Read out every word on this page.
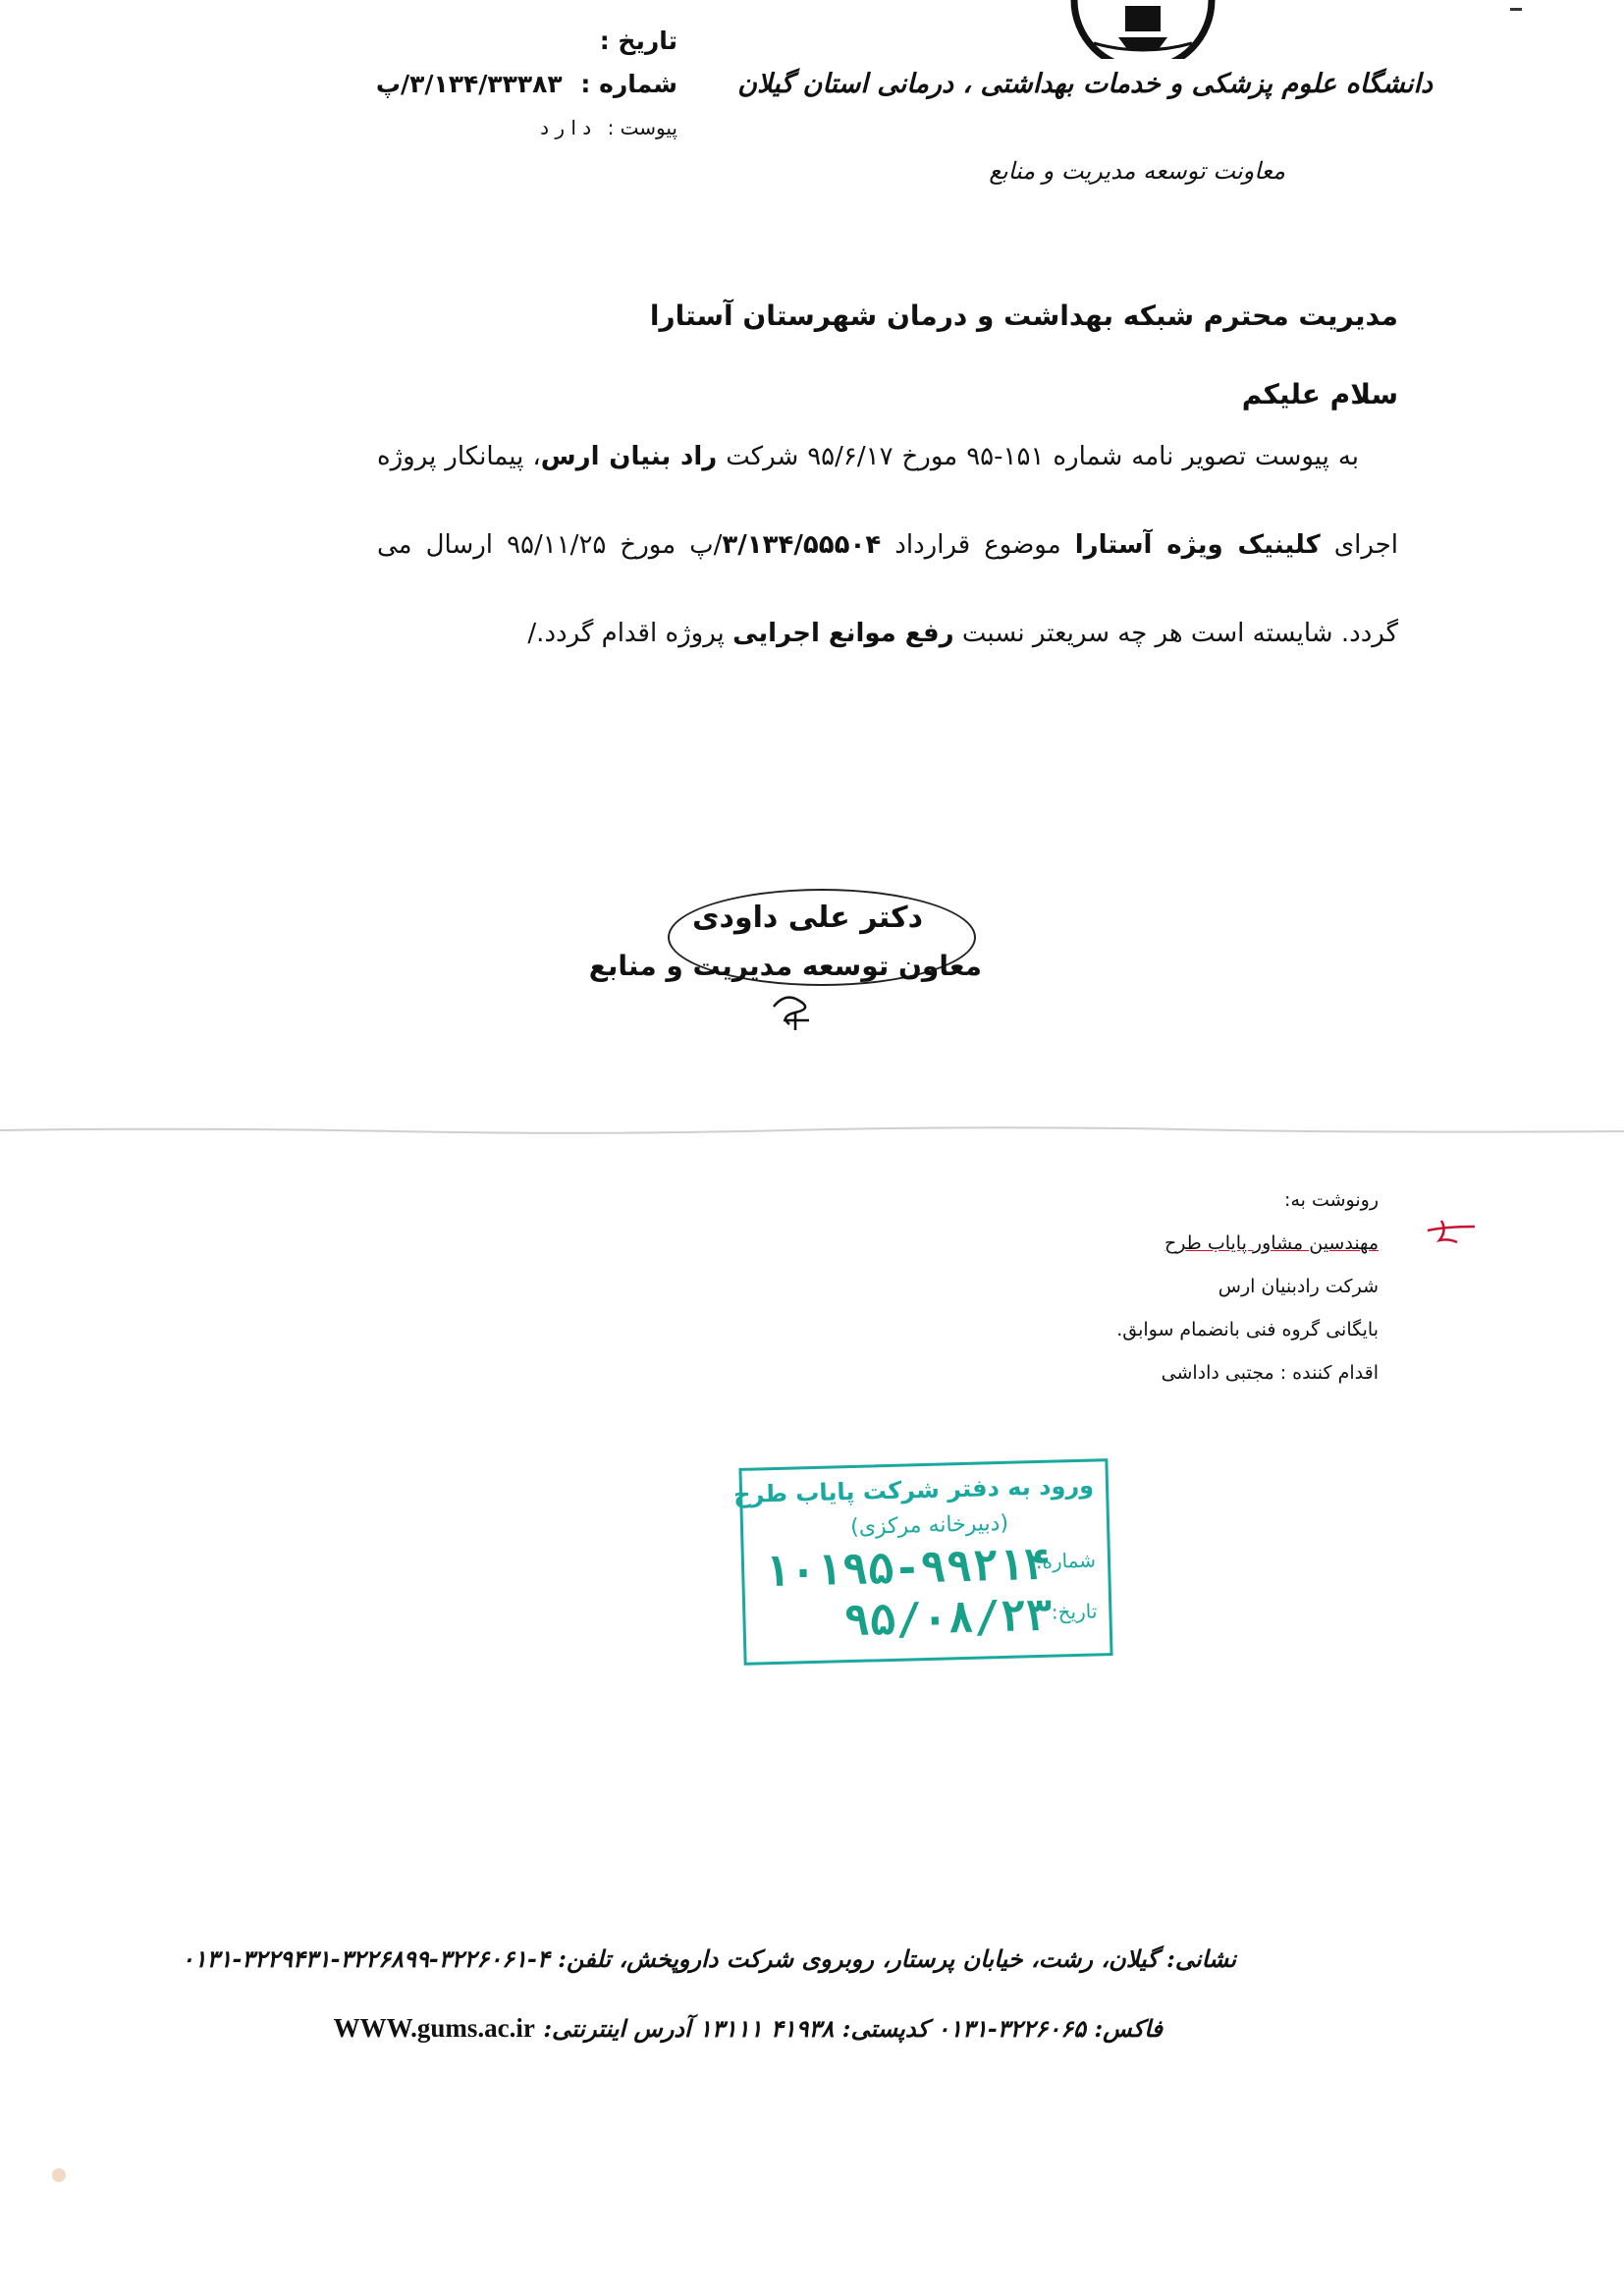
تاریخ :
شماره : ۳/۱۳۴/۳۳۳۸۳/پ
پیوست : د ا ر د
دانشگاه علوم پزشکی و خدمات بهداشتی ، درمانی استان گیلان
معاونت توسعه مدیریت و منابع
مدیریت محترم شبکه بهداشت و درمان شهرستان آستارا
سلام علیکم
به پیوست تصویر نامه شماره ۱۵۱-۹۵ مورخ ۹۵/۶/۱۷ شرکت راد بنیان ارس، پیمانکار پروژه اجرای کلینیک ویژه آستارا موضوع قرارداد ۳/۱۳۴/۵۵۵۰۴/پ مورخ ۹۵/۱۱/۲۵ ارسال می گردد. شایسته است هر چه سریعتر نسبت رفع موانع اجرایی پروژه اقدام گردد./
دکتر علی داودی
معاون توسعه مدیریت و منابع
رونوشت به:
مهندسین مشاور پایاب طرح
شرکت رادبنیان ارس
بایگانی گروه فنی بانضمام سوابق.
اقدام کننده : مجتبی داداشی
ورود به دفتر شرکت پایاب طرح
(دبیرخانه مرکزی)
شماره:
تاریخ:
۱۰۱۹۵-۹۹۲۱۴
۹۵/۰۸/۲۳
نشانی: گیلان، رشت، خیابان پرستار، روبروی شرکت داروپخش، تلفن: ۴-۳۲۲۶۰۶۱-۳۲۲۶۸۹۹-۳۲۲۹۴۳۱-۰۱۳۱
فاکس: ۳۲۲۶۰۶۵-۰۱۳۱ کدپستی: ۴۱۹۳۸ ۱۳۱۱۱ آدرس اینترنتی: WWW.gums.ac.ir
